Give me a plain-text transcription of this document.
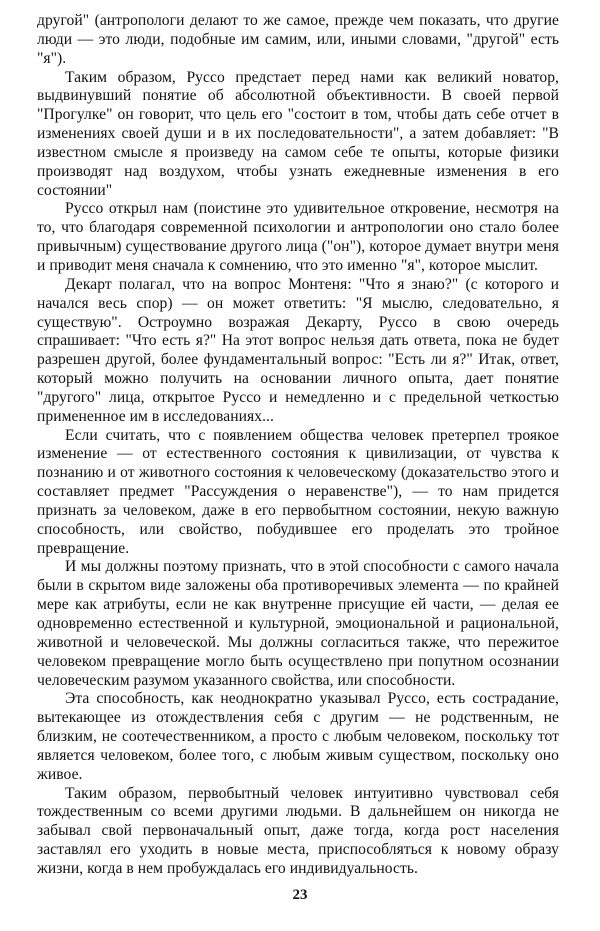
другой" (антропологи делают то же самое, прежде чем показать, что другие люди — это люди, подобные им самим, или, иными словами, "другой" есть "я").

Таким образом, Руссо предстает перед нами как великий новатор, выдвинувший понятие об абсолютной объективности. В своей первой "Прогулке" он говорит, что цель его "состоит в том, чтобы дать себе отчет в изменениях своей души и в их последовательности", а затем добавляет: "В известном смысле я произведу на самом себе те опыты, которые физики производят над воздухом, чтобы узнать ежедневные изменения в его состоянии"

Руссо открыл нам (поистине это удивительное откровение, несмотря на то, что благодаря современной психологии и антропологии оно стало более привычным) существование другого лица ("он"), которое думает внутри меня и приводит меня сначала к сомнению, что это именно "я", которое мыслит.

Декарт полагал, что на вопрос Монтеня: "Что я знаю?" (с которого и начался весь спор) — он может ответить: "Я мыслю, следовательно, я существую". Остроумно возражая Декарту, Руссо в свою очередь спрашивает: "Что есть я?" На этот вопрос нельзя дать ответа, пока не будет разрешен другой, более фундаментальный вопрос: "Есть ли я?" Итак, ответ, который можно получить на основании личного опыта, дает понятие "другого" лица, открытое Руссо и немедленно и с предельной четкостью примененное им в исследованиях...

Если считать, что с появлением общества человек претерпел троякое изменение — от естественного состояния к цивилизации, от чувства к познанию и от животного состояния к человеческому (доказательство этого и составляет предмет "Рассуждения о неравенстве"), — то нам придется признать за человеком, даже в его первобытном состоянии, некую важную способность, или свойство, побудившее его проделать это тройное превращение.

И мы должны поэтому признать, что в этой способности с самого начала были в скрытом виде заложены оба противоречивых элемента — по крайней мере как атрибуты, если не как внутренне присущие ей части, — делая ее одновременно естественной и культурной, эмоциональной и рациональной, животной и человеческой. Мы должны согласиться также, что пережитое человеком превращение могло быть осуществлено при попутном осознании человеческим разумом указанного свойства, или способности.

Эта способность, как неоднократно указывал Руссо, есть сострадание, вытекающее из отождествления себя с другим — не родственным, не близким, не соотечественником, а просто с любым человеком, поскольку тот является человеком, более того, с любым живым существом, поскольку оно живое.

Таким образом, первобытный человек интуитивно чувствовал себя тождественным со всеми другими людьми. В дальнейшем он никогда не забывал свой первоначальный опыт, даже тогда, когда рост населения заставлял его уходить в новые места, приспособляться к новому образу жизни, когда в нем пробуждалась его индивидуальность.

23
